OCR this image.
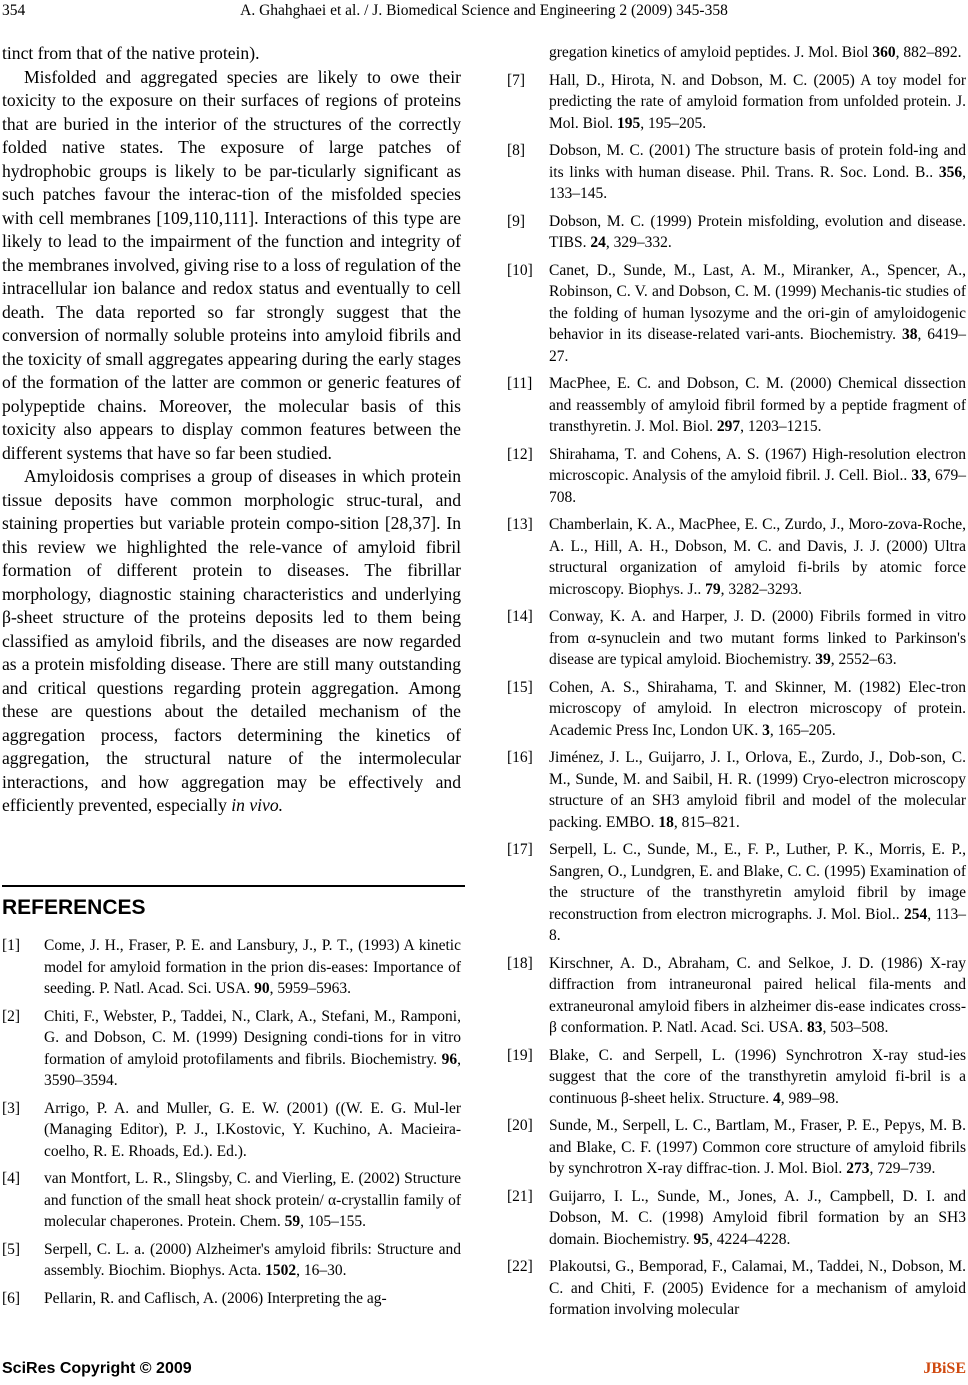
354	A. Ghahghaei et al. / J. Biomedical Science and Engineering 2 (2009) 345-358

tinct from that of the native protein).

Misfolded and aggregated species are likely to owe their toxicity to the exposure on their surfaces of regions of proteins that are buried in the interior of the structures of the correctly folded native states. The exposure of large patches of hydrophobic groups is likely to be par-ticularly significant as such patches favour the interac-tion of the misfolded species with cell membranes [109,110,111]. Interactions of this type are likely to lead to the impairment of the function and integrity of the membranes involved, giving rise to a loss of regulation of the intracellular ion balance and redox status and eventually to cell death. The data reported so far strongly suggest that the conversion of normally soluble proteins into amyloid fibrils and the toxicity of small aggregates appearing during the early stages of the formation of the latter are common or generic features of polypeptide chains. Moreover, the molecular basis of this toxicity also appears to display common features between the different systems that have so far been studied.

Amyloidosis comprises a group of diseases in which protein tissue deposits have common morphologic struc-tural, and staining properties but variable protein compo-sition [28,37]. In this review we highlighted the rele-vance of amyloid fibril formation of different protein to diseases. The fibrillar morphology, diagnostic staining characteristics and underlying β-sheet structure of the proteins deposits led to them being classified as amyloid fibrils, and the diseases are now regarded as a protein misfolding disease. There are still many outstanding and critical questions regarding protein aggregation. Among these are questions about the detailed mechanism of the aggregation process, factors determining the kinetics of aggregation, the structural nature of the intermolecular interactions, and how aggregation may be effectively and efficiently prevented, especially in vivo.

REFERENCES
[1] Come, J. H., Fraser, P. E. and Lansbury, J., P. T., (1993) A kinetic model for amyloid formation in the prion dis-eases: Importance of seeding. P. Natl. Acad. Sci. USA. 90, 5959–5963.
[2] Chiti, F., Webster, P., Taddei, N., Clark, A., Stefani, M., Ramponi, G. and Dobson, C. M. (1999) Designing condi-tions for in vitro formation of amyloid protofilaments and fibrils. Biochemistry. 96, 3590–3594.
[3] Arrigo, P. A. and Muller, G. E. W. (2001) ((W. E. G. Mul-ler (Managing Editor), P. J., I.Kostovic, Y. Kuchino, A. Macieira-coelho, R. E. Rhoads, Ed.). Ed.).
[4] van Montfort, L. R., Slingsby, C. and Vierling, E. (2002) Structure and function of the small heat shock protein/ α-crystallin family of molecular chaperones. Protein. Chem. 59, 105–155.
[5] Serpell, C. L. a. (2000) Alzheimer's amyloid fibrils: Structure and assembly. Biochim. Biophys. Acta. 1502, 16–30.
[6] Pellarin, R. and Caflisch, A. (2006) Interpreting the ag-
gregation kinetics of amyloid peptides. J. Mol. Biol 360, 882–892.
[7] Hall, D., Hirota, N. and Dobson, M. C. (2005) A toy model for predicting the rate of amyloid formation from unfolded protein. J. Mol. Biol. 195, 195–205.
[8] Dobson, M. C. (2001) The structure basis of protein fold-ing and its links with human disease. Phil. Trans. R. Soc. Lond. B.. 356, 133–145.
[9] Dobson, M. C. (1999) Protein misfolding, evolution and disease. TIBS. 24, 329–332.
[10] Canet, D., Sunde, M., Last, A. M., Miranker, A., Spencer, A., Robinson, C. V. and Dobson, C. M. (1999) Mechanis-tic studies of the folding of human lysozyme and the ori-gin of amyloidogenic behavior in its disease-related vari-ants. Biochemistry. 38, 6419–27.
[11] MacPhee, E. C. and Dobson, C. M. (2000) Chemical dissection and reassembly of amyloid fibril formed by a peptide fragment of transthyretin. J. Mol. Biol. 297, 1203–1215.
[12] Shirahama, T. and Cohens, A. S. (1967) High-resolution electron microscopic. Analysis of the amyloid fibril. J. Cell. Biol.. 33, 679–708.
[13] Chamberlain, K. A., MacPhee, E. C., Zurdo, J., Moro-zova-Roche, A. L., Hill, A. H., Dobson, M. C. and Davis, J. J. (2000) Ultra structural organization of amyloid fi-brils by atomic force microscopy. Biophys. J.. 79, 3282–3293.
[14] Conway, K. A. and Harper, J. D. (2000) Fibrils formed in vitro from α-synuclein and two mutant forms linked to Parkinson's disease are typical amyloid. Biochemistry. 39, 2552–63.
[15] Cohen, A. S., Shirahama, T. and Skinner, M. (1982) Elec-tron microscopy of amyloid. In electron microscopy of protein. Academic Press Inc, London UK. 3, 165–205.
[16] Jiménez, J. L., Guijarro, J. I., Orlova, E., Zurdo, J., Dob-son, C. M., Sunde, M. and Saibil, H. R. (1999) Cryo-electron microscopy structure of an SH3 amyloid fibril and model of the molecular packing. EMBO. 18, 815–821.
[17] Serpell, L. C., Sunde, M., E., F. P., Luther, P. K., Morris, E. P., Sangren, O., Lundgren, E. and Blake, C. C. (1995) Examination of the structure of the transthyretin amyloid fibril by image reconstruction from electron micrographs. J. Mol. Biol.. 254, 113–8.
[18] Kirschner, A. D., Abraham, C. and Selkoe, J. D. (1986) X-ray diffraction from intraneuronal paired helical fila-ments and extraneuronal amyloid fibers in alzheimer dis-ease indicates cross-β conformation. P. Natl. Acad. Sci. USA. 83, 503–508.
[19] Blake, C. and Serpell, L. (1996) Synchrotron X-ray stud-ies suggest that the core of the transthyretin amyloid fi-bril is a continuous β-sheet helix. Structure. 4, 989–98.
[20] Sunde, M., Serpell, L. C., Bartlam, M., Fraser, P. E., Pepys, M. B. and Blake, C. F. (1997) Common core structure of amyloid fibrils by synchrotron X-ray diffrac-tion. J. Mol. Biol. 273, 729–739.
[21] Guijarro, I. L., Sunde, M., Jones, A. J., Campbell, D. I. and Dobson, M. C. (1998) Amyloid fibril formation by an SH3 domain. Biochemistry. 95, 4224–4228.
[22] Plakoutsi, G., Bemporad, F., Calamai, M., Taddei, N., Dobson, M. C. and Chiti, F. (2005) Evidence for a mechanism of amyloid formation involving molecular
SciRes Copyright © 2009	JBiSE
